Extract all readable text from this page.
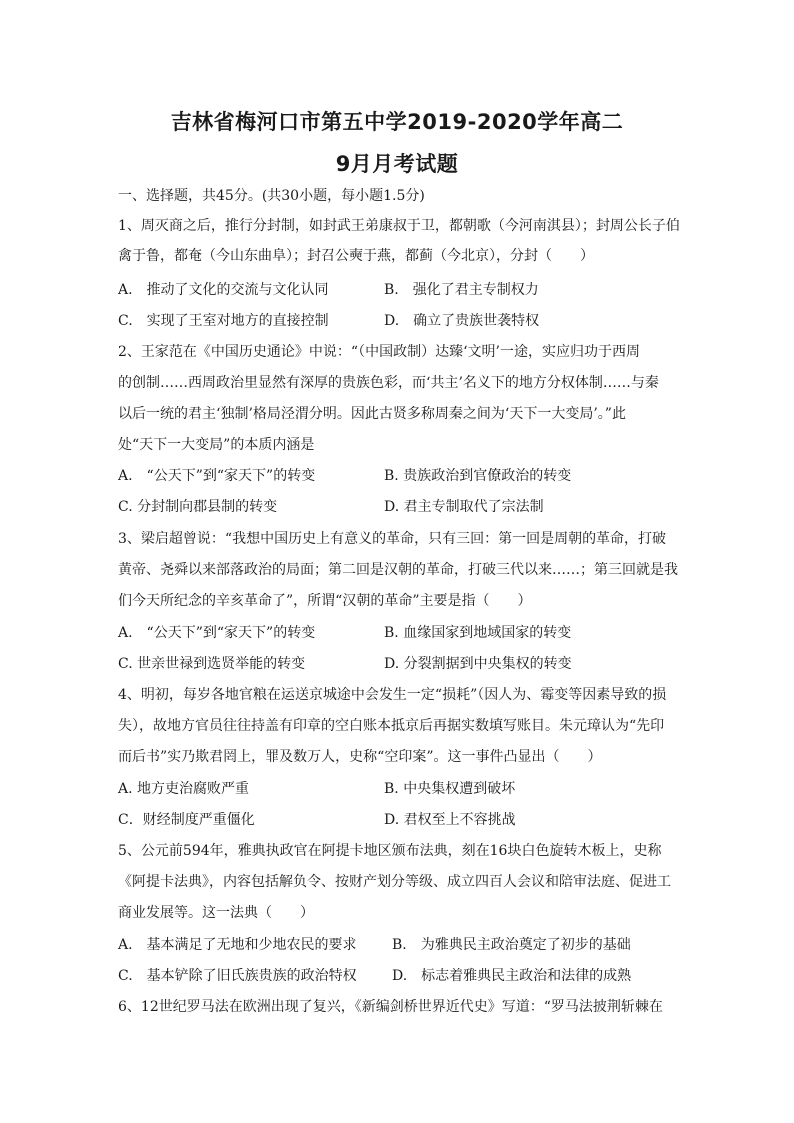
吉林省梅河口市第五中学2019-2020学年高二
9月月考试题
一、选择题，共45分。(共30小题，每小题1.5分)
1、周灭商之后，推行分封制，如封武王弟康叔于卫，都朝歌（今河南淇县）；封周公长子伯
禽于鲁，都奄（今山东曲阜）；封召公奭于燕，都蓟（今北京），分封（　　）
A.　推动了文化的交流与文化认同	B.　强化了君主专制权力
C.　实现了王室对地方的直接控制	D.　确立了贵族世袭特权
2、王家范在《中国历史通论》中说：“（中国政制）达臻‘文明’一途，实应归功于西周
的创制……西周政治里显然有深厚的贵族色彩，而‘共主’名义下的地方分权体制……与秦
以后一统的君主‘独制’格局泾渭分明。因此古贤多称周秦之间为‘天下一大变局’。”此
处“天下一大变局”的本质内涵是
A.　“公天下”到“家天下”的转变	B. 贵族政治到官僚政治的转变
C. 分封制向郡县制的转变	D. 君主专制取代了宗法制
3、梁启超曾说：“我想中国历史上有意义的革命，只有三回：第一回是周朝的革命，打破
黄帝、尧舜以来部落政治的局面；第二回是汉朝的革命，打破三代以来……；第三回就是我
们今天所纪念的辛亥革命了”，所谓“汉朝的革命”主要是指（　　）
A.　“公天下”到“家天下”的转变	B. 血缘国家到地域国家的转变
C. 世亲世禄到选贤举能的转变	D. 分裂割据到中央集权的转变
4、明初，每岁各地官粮在运送京城途中会发生一定“损耗”（因人为、霉变等因素导致的损
失），故地方官员往往持盖有印章的空白账本抵京后再据实数填写账目。朱元璋认为“先印
而后书”实乃欺君罔上，罪及数万人，史称“空印案”。这一事件凸显出（　　）
A. 地方吏治腐败严重	B. 中央集权遭到破坏
C．财经制度严重僵化	D. 君权至上不容挑战
5、公元前594年，雅典执政官在阿提卡地区颁布法典，刻在16块白色旋转木板上，史称
《阿提卡法典》，内容包括解负令、按财产划分等级、成立四百人会议和陪审法庭、促进工
商业发展等。这一法典（　　）
A.　基本满足了无地和少地农民的要求	B.　为雅典民主政治奠定了初步的基础
C.　基本铲除了旧氏族贵族的政治特权	D.　标志着雅典民主政治和法律的成熟
6、12世纪罗马法在欧洲出现了复兴，《新编剑桥世界近代史》写道：“罗马法披荆斩棘在
